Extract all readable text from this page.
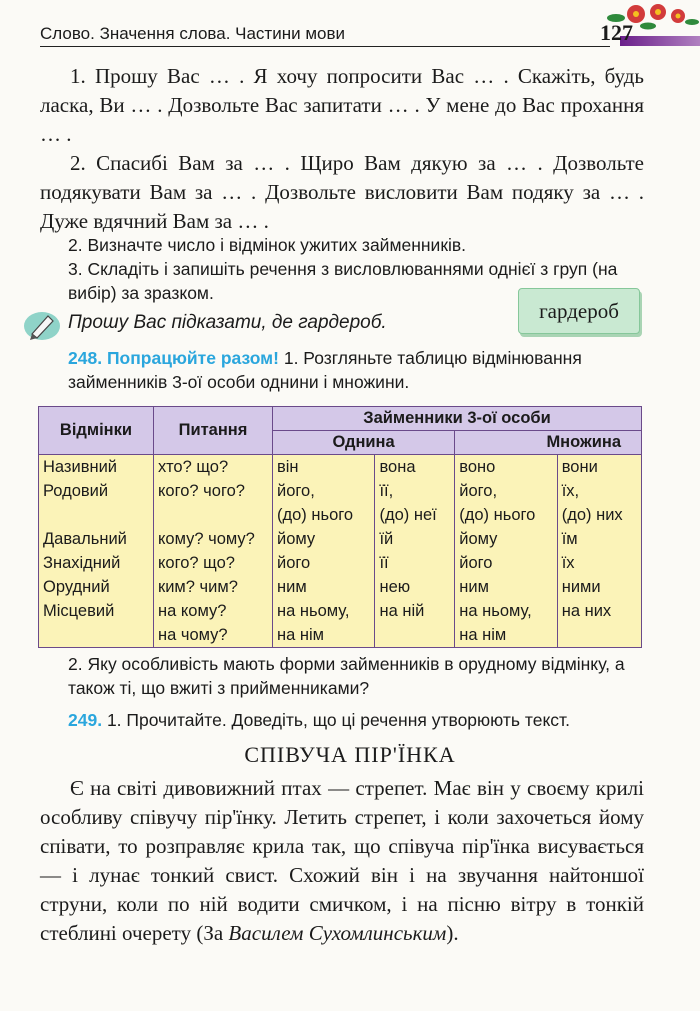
Слово. Значення слова. Частини мови	127

1. Прошу Вас … . Я хочу попросити Вас … . Скажіть, будь ласка, Ви … . Дозвольте Вас запитати … . У мене до Вас прохання … .

2. Спасибі Вам за … . Щиро Вам дякую за … . Дозвольте подякувати Вам за … . Дозвольте висловити Вам подяку за … . Дуже вдячний Вам за … .

2. Визначте число і відмінок ужитих займенників.

3. Складіть і запишіть речення з висловлюваннями однієї з груп (на вибір) за зразком.

гардероб
Прошу Вас підказати, де гардероб.

248. Попрацюйте разом! 1. Розгляньте таблицю відмінювання займенників 3-ої особи однини і множини.

Відмінки	Питання	Займенники 3-ої особи			
		Однина		Множина	
Називний	хто? що?	він	вона	воно	вони
Родовий	кого? чого?	його,	її,	його,	їх,
		(до) нього	(до) неї	(до) нього	(до) них
Давальний	кому? чому?	йому	їй	йому	їм
Знахідний	кого? що?	його	її	його	їх
Орудний	ким? чим?	ним	нею	ним	ними
Місцевий	на кому?	на ньому,	на ній	на ньому,	на них
	на чому?	на нім		на нім	

2. Яку особливість мають форми займенників в орудному відмінку, а також ті, що вжиті з прийменниками?

249. 1. Прочитайте. Доведіть, що ці речення утворюють текст.

СПІВУЧА ПІР'ЇНКА

Є на світі дивовижний птах — стрепет. Має він у своєму крилі особливу співучу пір'їнку. Летить стрепет, і коли захочеться йому співати, то розправляє крила так, що співуча пір'їнка висувається — і лунає тонкий свист. Схожий він і на звучання найтоншої струни, коли по ній водити смичком, і на пісню вітру в тонкій стеблині очерету (За Василем Сухомлинським).
